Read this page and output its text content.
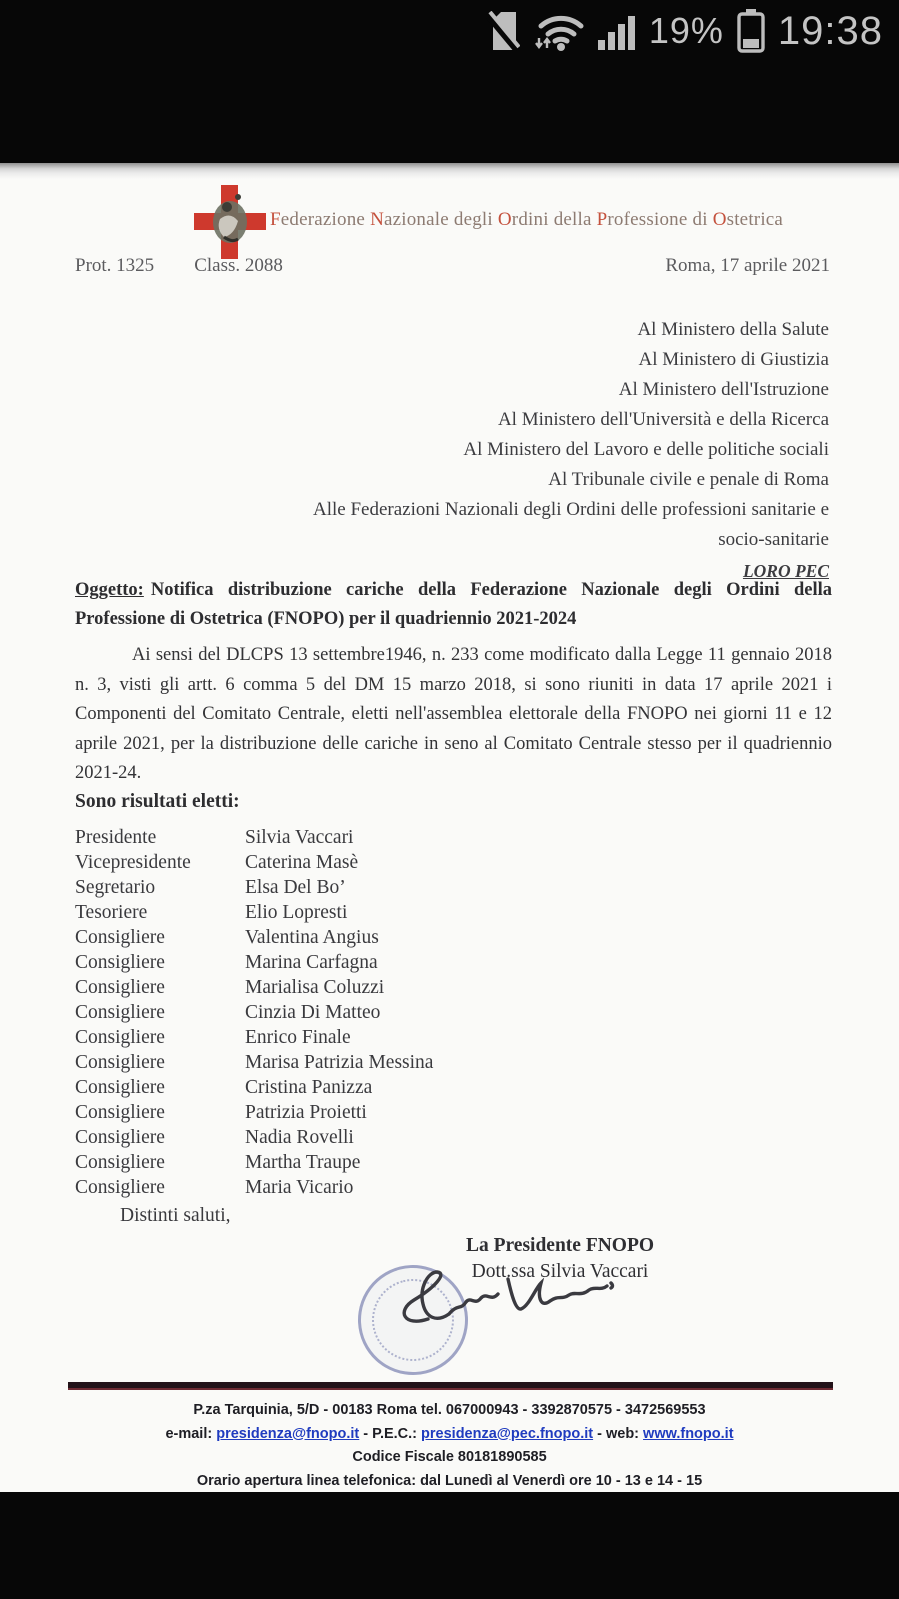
19% 19:38
Federazione Nazionale degli Ordini della Professione di Ostetrica
Prot. 1325 Class. 2088	Roma, 17 aprile 2021
Al Ministero della Salute
Al Ministero di Giustizia
Al Ministero dell'Istruzione
Al Ministero dell'Università e della Ricerca
Al Ministero del Lavoro e delle politiche sociali
Al Tribunale civile e penale di Roma
Alle Federazioni Nazionali degli Ordini delle professioni sanitarie e socio-sanitarie
LORO PEC
Oggetto: Notifica distribuzione cariche della Federazione Nazionale degli Ordini della Professione di Ostetrica (FNOPO) per il quadriennio 2021-2024
Ai sensi del DLCPS 13 settembre1946, n. 233 come modificato dalla Legge 11 gennaio 2018 n. 3, visti gli artt. 6 comma 5 del DM 15 marzo 2018, si sono riuniti in data 17 aprile 2021 i Componenti del Comitato Centrale, eletti nell'assemblea elettorale della FNOPO nei giorni 11 e 12 aprile 2021, per la distribuzione delle cariche in seno al Comitato Centrale stesso per il quadriennio 2021-24.
Sono risultati eletti:
Presidente	Silvia Vaccari
Vicepresidente	Caterina Masè
Segretario	Elsa Del Bo’
Tesoriere	Elio Lopresti
Consigliere	Valentina Angius
Consigliere	Marina Carfagna
Consigliere	Marialisa Coluzzi
Consigliere	Cinzia Di Matteo
Consigliere	Enrico Finale
Consigliere	Marisa Patrizia Messina
Consigliere	Cristina Panizza
Consigliere	Patrizia Proietti
Consigliere	Nadia Rovelli
Consigliere	Martha Traupe
Consigliere	Maria Vicario
Distinti saluti,
La Presidente FNOPO
Dott.ssa Silvia Vaccari
P.za Tarquinia, 5/D - 00183 Roma tel. 067000943 - 3392870575 - 3472569553
e-mail: presidenza@fnopo.it - P.E.C.: presidenza@pec.fnopo.it - web: www.fnopo.it
Codice Fiscale 80181890585
Orario apertura linea telefonica: dal Lunedì al Venerdì ore 10 - 13 e 14 - 15
